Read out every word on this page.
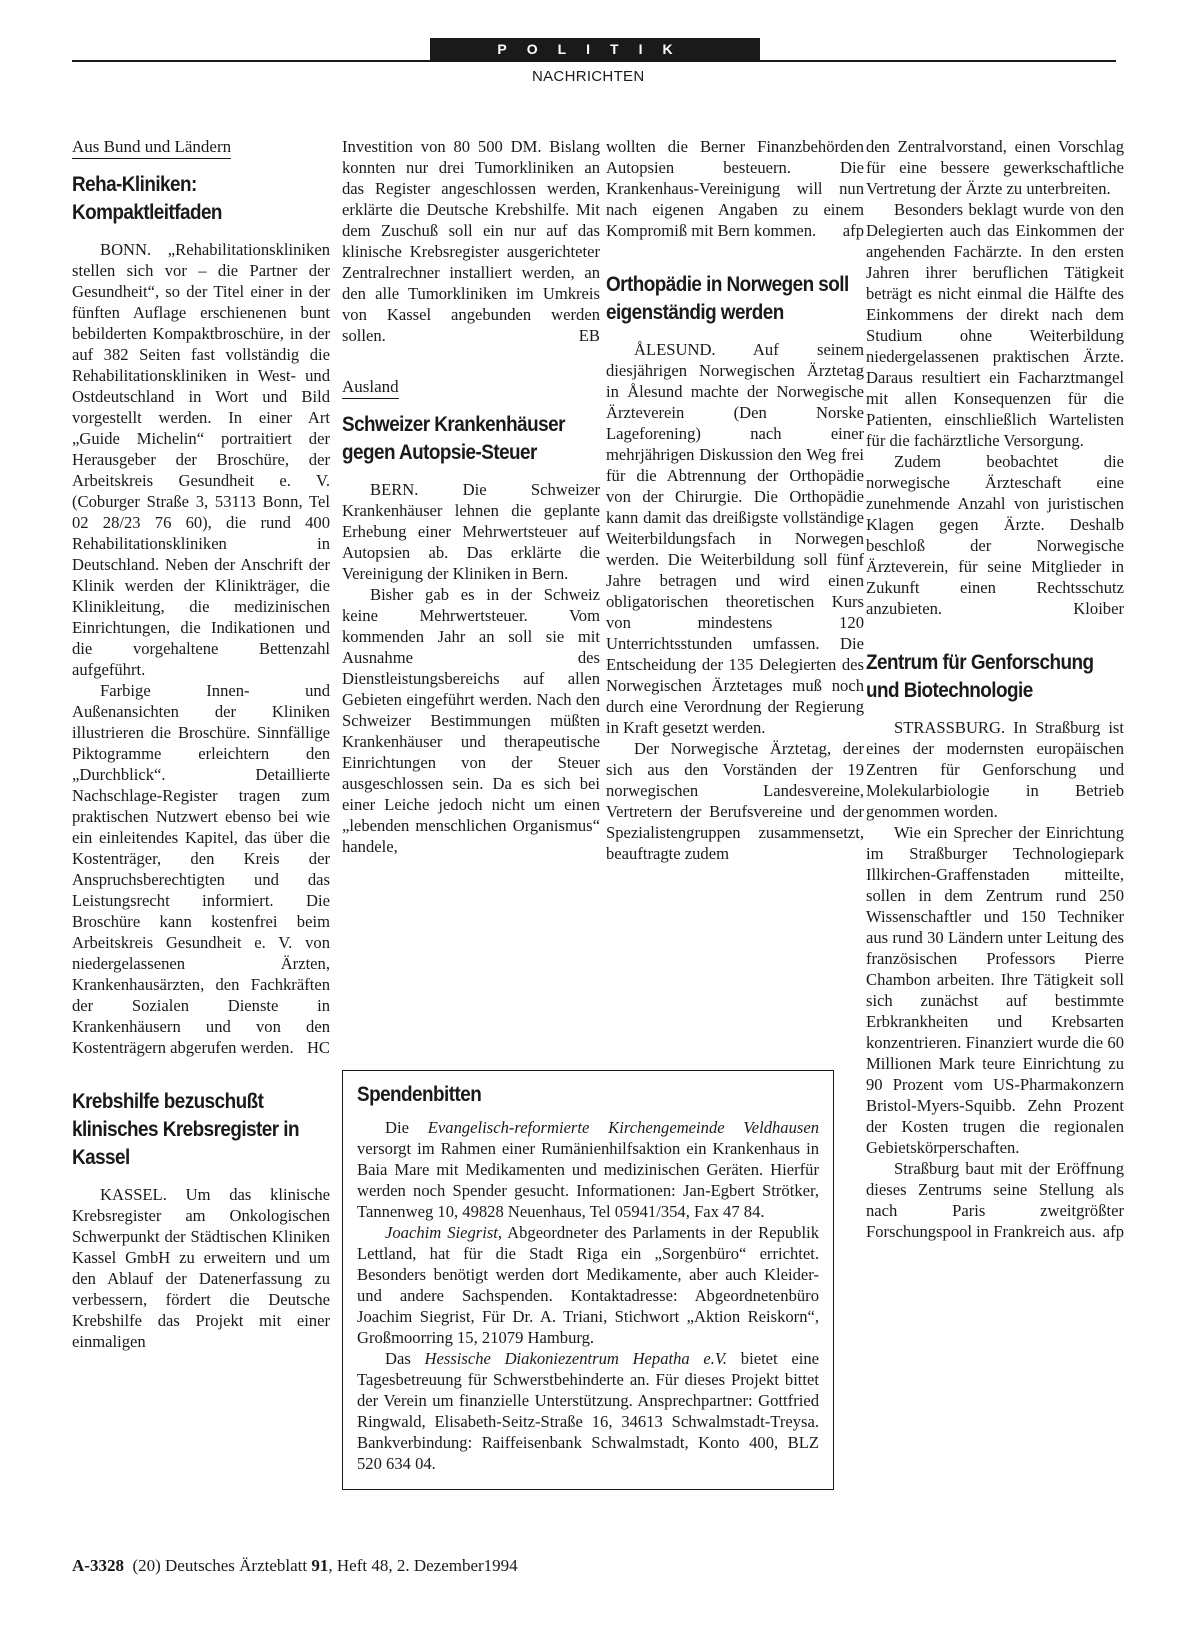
POLITIK
NACHRICHTEN
Aus Bund und Ländern
Reha-Kliniken: Kompaktleitfaden

BONN. „Rehabilitationskliniken stellen sich vor – die Partner der Gesundheit“, so der Titel einer in der fünften Auflage erschienenen bunt bebilderten Kompaktbroschüre, in der auf 382 Seiten fast vollständig die Rehabilitationskliniken in West- und Ostdeutschland in Wort und Bild vorgestellt werden. In einer Art „Guide Michelin“ portraitiert der Herausgeber der Broschüre, der Arbeitskreis Gesundheit e. V. (Coburger Straße 3, 53113 Bonn, Tel 02 28/23 76 60), die rund 400 Rehabilitationskliniken in Deutschland. Neben der Anschrift der Klinik werden der Klinikträger, die Klinikleitung, die medizinischen Einrichtungen, die Indikationen und die vorgehaltene Bettenzahl aufgeführt.

Farbige Innen- und Außenansichten der Kliniken illustrieren die Broschüre. Sinnfällige Piktogramme erleichtern den „Durchblick“. Detaillierte Nachschlage-Register tragen zum praktischen Nutzwert ebenso bei wie ein einleitendes Kapitel, das über die Kostenträger, den Kreis der Anspruchsberechtigten und das Leistungsrecht informiert. Die Broschüre kann kostenfrei beim Arbeitskreis Gesundheit e. V. von niedergelassenen Ärzten, Krankenhausärzten, den Fachkräften der Sozialen Dienste in Krankenhäusern und von den Kostenträgern abgerufen werden. HC

Krebshilfe bezuschußt klinisches Krebsregister in Kassel

KASSEL. Um das klinische Krebsregister am Onkologischen Schwerpunkt der Städtischen Kliniken Kassel GmbH zu erweitern und um den Ablauf der Datenerfassung zu verbessern, fördert die Deutsche Krebshilfe das Projekt mit einer einmaligen

Investition von 80 500 DM. Bislang konnten nur drei Tumorkliniken an das Register angeschlossen werden, erklärte die Deutsche Krebshilfe. Mit dem Zuschuß soll ein nur auf das klinische Krebsregister ausgerichteter Zentralrechner installiert werden, an den alle Tumorkliniken im Umkreis von Kassel angebunden werden sollen.	EB

Ausland
Schweizer Krankenhäuser gegen Autopsie-Steuer

BERN. Die Schweizer Krankenhäuser lehnen die geplante Erhebung einer Mehrwertsteuer auf Autopsien ab. Das erklärte die Vereinigung der Kliniken in Bern.

Bisher gab es in der Schweiz keine Mehrwertsteuer. Vom kommenden Jahr an soll sie mit Ausnahme des Dienstleistungsbereichs auf allen Gebieten eingeführt werden. Nach den Schweizer Bestimmungen müßten Krankenhäuser und therapeutische Einrichtungen von der Steuer ausgeschlossen sein. Da es sich bei einer Leiche jedoch nicht um einen „lebenden menschlichen Organismus“ handele,

wollten die Berner Finanzbehörden Autopsien besteuern. Die Krankenhaus-Vereinigung will nun nach eigenen Angaben zu einem Kompromiß mit Bern kommen. afp

Orthopädie in Norwegen soll eigenständig werden

ÅLESUND. Auf seinem diesjährigen Norwegischen Ärztetag in Ålesund machte der Norwegische Ärzteverein (Den Norske Lageforening) nach einer mehrjährigen Diskussion den Weg frei für die Abtrennung der Orthopädie von der Chirurgie. Die Orthopädie kann damit das dreißigste vollständige Weiterbildungsfach in Norwegen werden. Die Weiterbildung soll fünf Jahre betragen und wird einen obligatorischen theoretischen Kurs von mindestens 120 Unterrichtsstunden umfassen. Die Entscheidung der 135 Delegierten des Norwegischen Ärztetages muß noch durch eine Verordnung der Regierung in Kraft gesetzt werden.

Der Norwegische Ärztetag, der sich aus den Vorständen der 19 norwegischen Landesvereine, Vertretern der Berufsvereine und der Spezialistengruppen zusammensetzt, beauftragte zudem

den Zentralvorstand, einen Vorschlag für eine bessere gewerkschaftliche Vertretung der Ärzte zu unterbreiten.

Besonders beklagt wurde von den Delegierten auch das Einkommen der angehenden Fachärzte. In den ersten Jahren ihrer beruflichen Tätigkeit beträgt es nicht einmal die Hälfte des Einkommens der direkt nach dem Studium ohne Weiterbildung niedergelassenen praktischen Ärzte. Daraus resultiert ein Facharztmangel mit allen Konsequenzen für die Patienten, einschließlich Wartelisten für die fachärztliche Versorgung.

Zudem beobachtet die norwegische Ärzteschaft eine zunehmende Anzahl von juristischen Klagen gegen Ärzte. Deshalb beschloß der Norwegische Ärzteverein, für seine Mitglieder in Zukunft einen Rechtsschutz anzubieten.	Kloiber

Zentrum für Genforschung und Biotechnologie

STRASSBURG. In Straßburg ist eines der modernsten europäischen Zentren für Genforschung und Molekularbiologie in Betrieb genommen worden.

Wie ein Sprecher der Einrichtung im Straßburger Technologiepark Illkirchen-Graffenstaden mitteilte, sollen in dem Zentrum rund 250 Wissenschaftler und 150 Techniker aus rund 30 Ländern unter Leitung des französischen Professors Pierre Chambon arbeiten. Ihre Tätigkeit soll sich zunächst auf bestimmte Erbkrankheiten und Krebsarten konzentrieren. Finanziert wurde die 60 Millionen Mark teure Einrichtung zu 90 Prozent vom US-Pharmakonzern Bristol-Myers-Squibb. Zehn Prozent der Kosten trugen die regionalen Gebietskörperschaften.

Straßburg baut mit der Eröffnung dieses Zentrums seine Stellung als nach Paris zweitgrößter Forschungspool in Frankreich aus. afp

Spendenbitten

Die Evangelisch-reformierte Kirchengemeinde Veldhausen versorgt im Rahmen einer Rumänienhilfsaktion ein Krankenhaus in Baia Mare mit Medikamenten und medizinischen Geräten. Hierfür werden noch Spender gesucht. Informationen: Jan-Egbert Strötker, Tannenweg 10, 49828 Neuenhaus, Tel 05941/354, Fax 47 84.

Joachim Siegrist, Abgeordneter des Parlaments in der Republik Lettland, hat für die Stadt Riga ein „Sorgenbüro“ errichtet. Besonders benötigt werden dort Medikamente, aber auch Kleider- und andere Sachspenden. Kontaktadresse: Abgeordnetenbüro Joachim Siegrist, Für Dr. A. Triani, Stichwort „Aktion Reiskorn“, Großmoorring 15, 21079 Hamburg.

Das Hessische Diakoniezentrum Hepatha e.V. bietet eine Tagesbetreuung für Schwerstbehinderte an. Für dieses Projekt bittet der Verein um finanzielle Unterstützung. Ansprechpartner: Gottfried Ringwald, Elisabeth-Seitz-Straße 16, 34613 Schwalmstadt-Treysa. Bankverbindung: Raiffeisenbank Schwalmstadt, Konto 400, BLZ 520 634 04.

A-3328 (20) Deutsches Ärzteblatt 91, Heft 48, 2. Dezember1994
